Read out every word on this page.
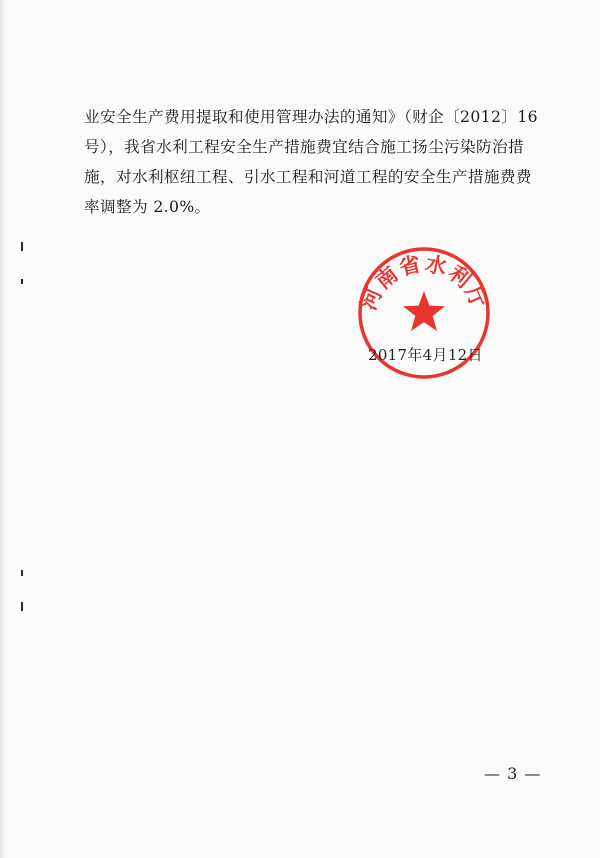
业安全生产费用提取和使用管理办法的通知》（财企〔2012〕16
号），我省水利工程安全生产措施费宜结合施工扬尘污染防治措
施，对水利枢纽工程、引水工程和河道工程的安全生产措施费费
率调整为 2.0%。
河南省水利厅
2017年4月12日
— 3 —
